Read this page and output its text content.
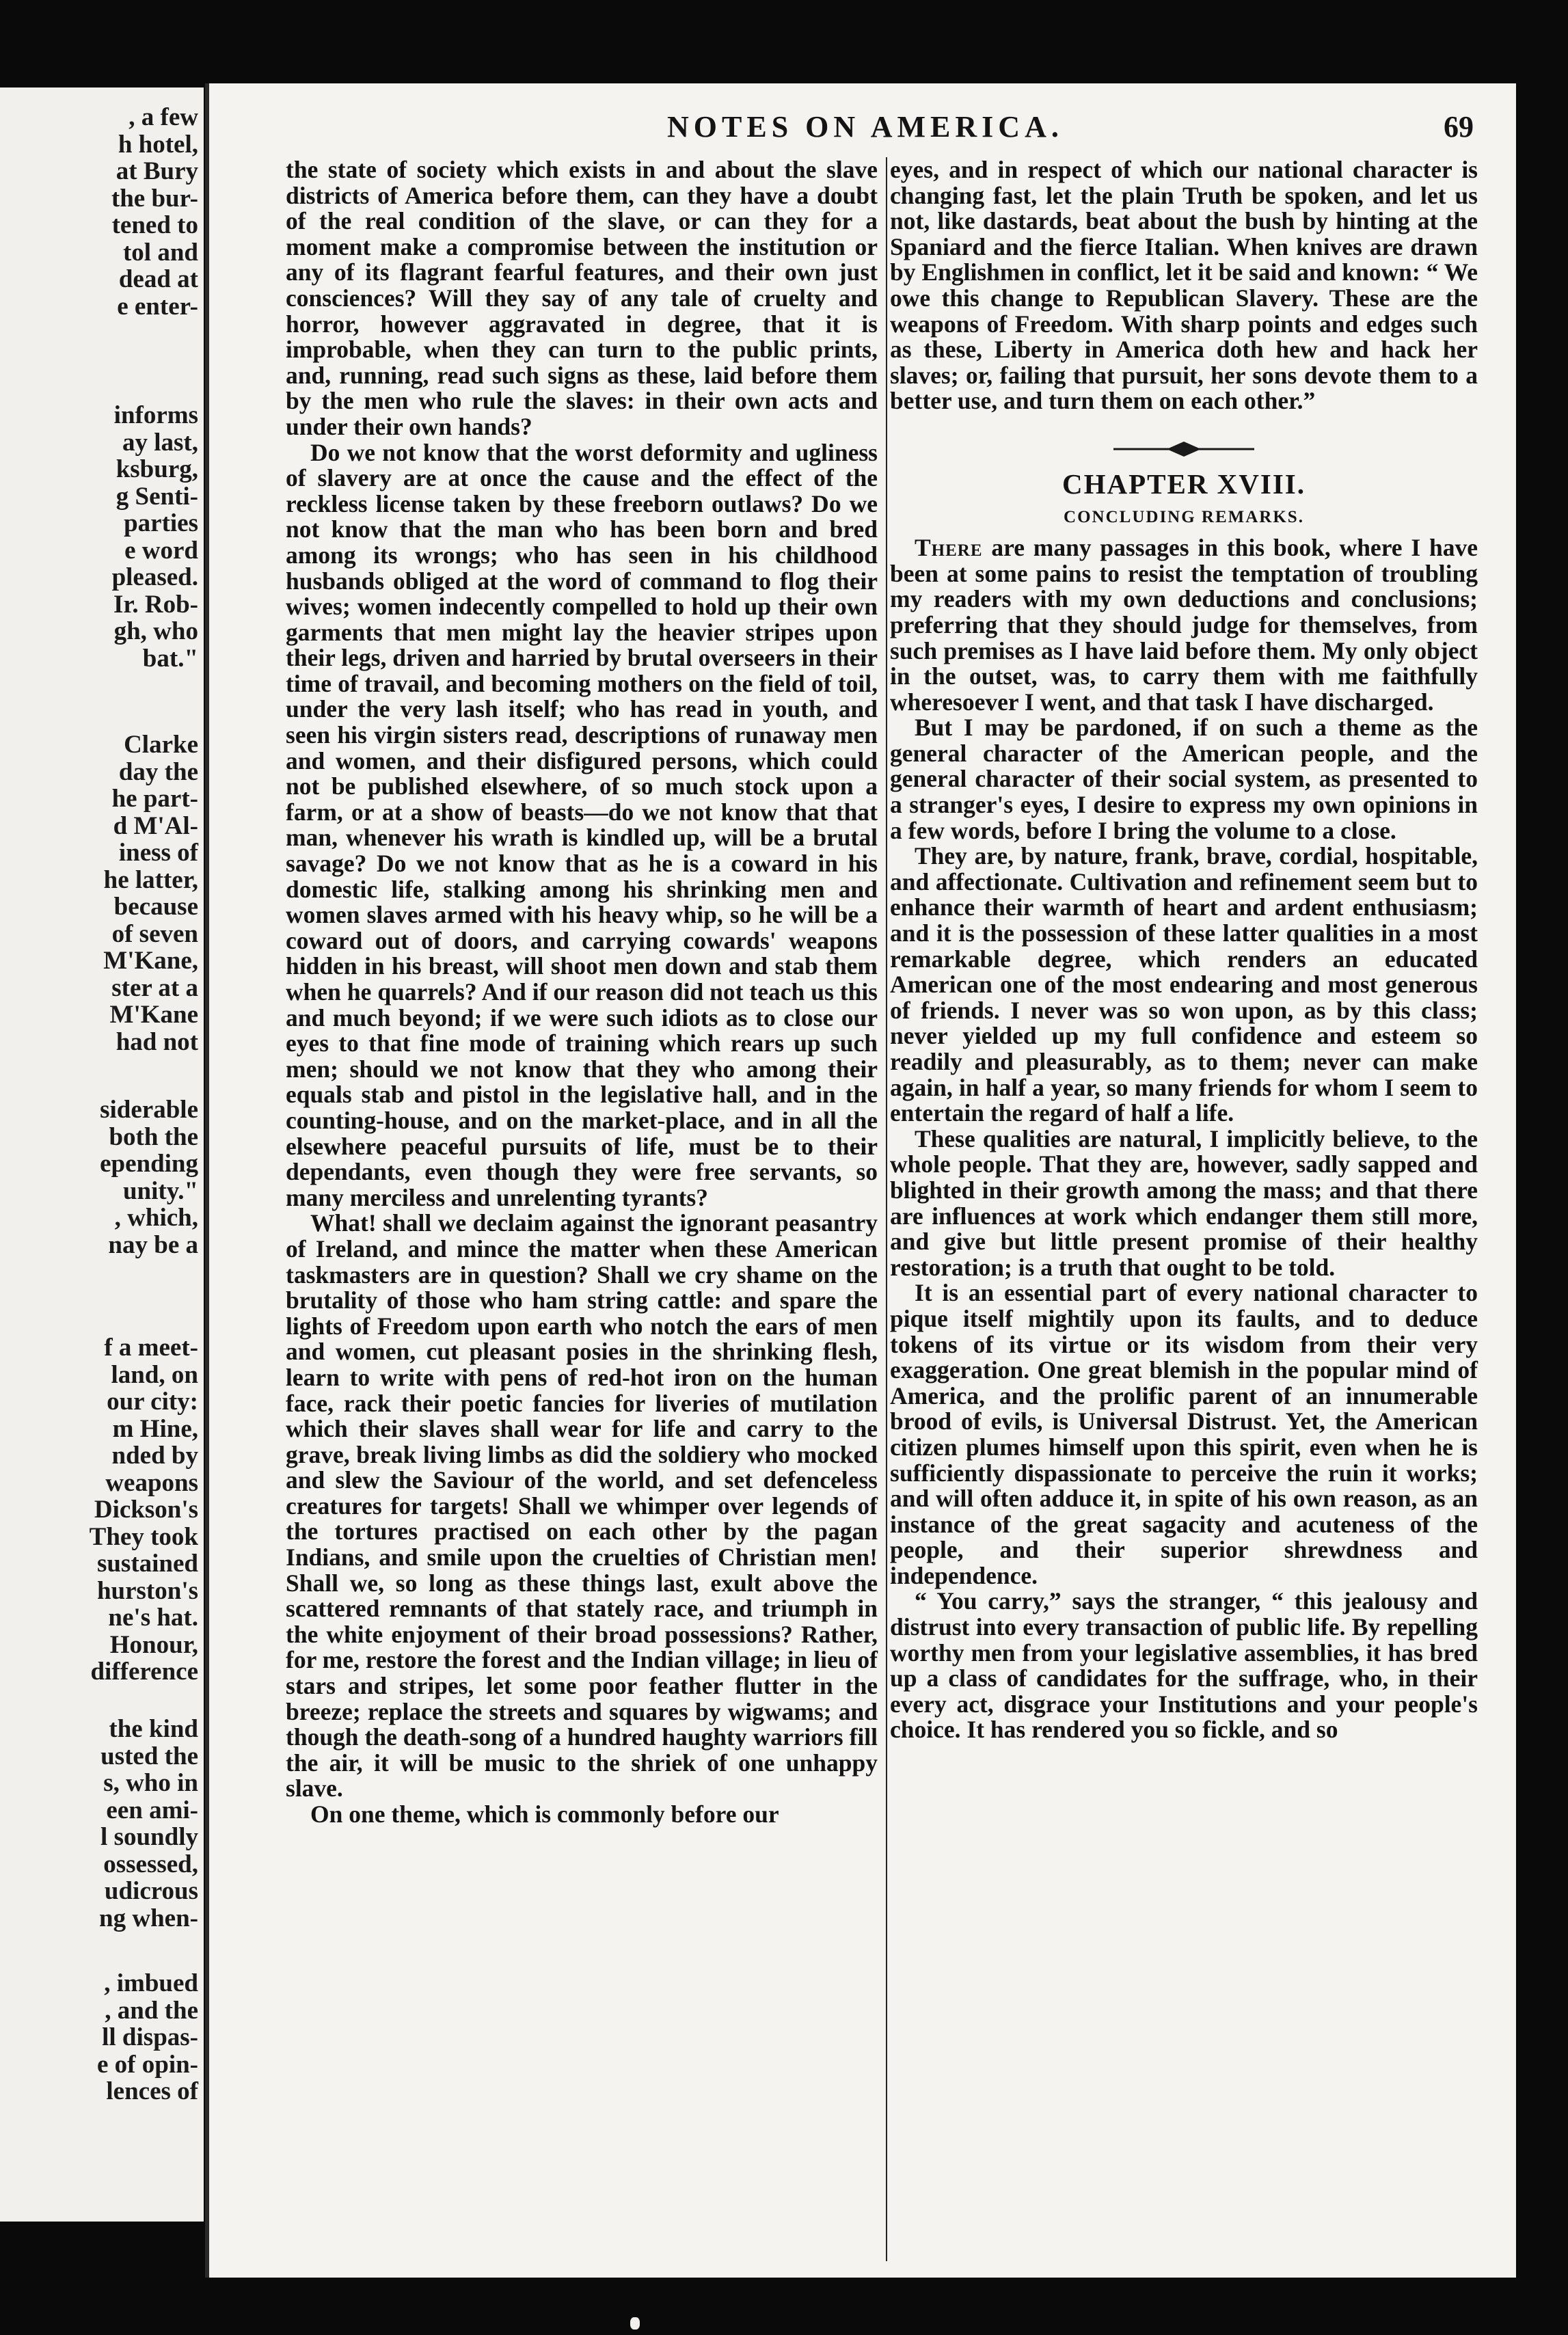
, a few

h hotel,

at Bury

the bur-

tened to

tol and

dead at

e enter-

informs

ay last,

ksburg,

g Senti-

parties

e word

pleased.

Ir. Rob-

gh, who

bat."

Clarke

day the

he part-

d M'Al-

iness of

he latter,

because

of seven

M'Kane,

ster at a

M'Kane

had not

siderable

both the

epending

unity."

, which,

nay be a

f a meet-

land, on

our city:

m Hine,

nded by

weapons

Dickson's

They took

sustained

hurston's

ne's hat.

Honour,

difference

the kind

usted the

s, who in

een ami-

l soundly

ossessed,

udicrous

ng when-

, imbued

, and the

ll dispas-

e of opin-

lences of

NOTES ON AMERICA.	69

the state of society which exists in and about the slave districts of America before them, can they have a doubt of the real condition of the slave, or can they for a moment make a compromise between the institution or any of its flagrant fearful features, and their own just consciences? Will they say of any tale of cruelty and horror, however aggravated in degree, that it is improbable, when they can turn to the public prints, and, running, read such signs as these, laid before them by the men who rule the slaves: in their own acts and under their own hands?

Do we not know that the worst deformity and ugliness of slavery are at once the cause and the effect of the reckless license taken by these freeborn outlaws? Do we not know that the man who has been born and bred among its wrongs; who has seen in his childhood husbands obliged at the word of command to flog their wives; women indecently compelled to hold up their own garments that men might lay the heavier stripes upon their legs, driven and harried by brutal overseers in their time of travail, and becoming mothers on the field of toil, under the very lash itself; who has read in youth, and seen his virgin sisters read, descriptions of runaway men and women, and their disfigured persons, which could not be published elsewhere, of so much stock upon a farm, or at a show of beasts—do we not know that that man, whenever his wrath is kindled up, will be a brutal savage? Do we not know that as he is a coward in his domestic life, stalking among his shrinking men and women slaves armed with his heavy whip, so he will be a coward out of doors, and carrying cowards' weapons hidden in his breast, will shoot men down and stab them when he quarrels? And if our reason did not teach us this and much beyond; if we were such idiots as to close our eyes to that fine mode of training which rears up such men; should we not know that they who among their equals stab and pistol in the legislative hall, and in the counting-house, and on the market-place, and in all the elsewhere peaceful pursuits of life, must be to their dependants, even though they were free servants, so many merciless and unrelenting tyrants?

What! shall we declaim against the ignorant peasantry of Ireland, and mince the matter when these American taskmasters are in question? Shall we cry shame on the brutality of those who ham string cattle: and spare the lights of Freedom upon earth who notch the ears of men and women, cut pleasant posies in the shrinking flesh, learn to write with pens of red-hot iron on the human face, rack their poetic fancies for liveries of mutilation which their slaves shall wear for life and carry to the grave, break living limbs as did the soldiery who mocked and slew the Saviour of the world, and set defenceless creatures for targets! Shall we whimper over legends of the tortures practised on each other by the pagan Indians, and smile upon the cruelties of Christian men! Shall we, so long as these things last, exult above the scattered remnants of that stately race, and triumph in the white enjoyment of their broad possessions? Rather, for me, restore the forest and the Indian village; in lieu of stars and stripes, let some poor feather flutter in the breeze; replace the streets and squares by wigwams; and though the death-song of a hundred haughty warriors fill the air, it will be music to the shriek of one unhappy slave.

On one theme, which is commonly before our

eyes, and in respect of which our national character is changing fast, let the plain Truth be spoken, and let us not, like dastards, beat about the bush by hinting at the Spaniard and the fierce Italian. When knives are drawn by Englishmen in conflict, let it be said and known: “ We owe this change to Republican Slavery. These are the weapons of Freedom. With sharp points and edges such as these, Liberty in America doth hew and hack her slaves; or, failing that pursuit, her sons devote them to a better use, and turn them on each other.”

CHAPTER XVIII.
CONCLUDING REMARKS.

There are many passages in this book, where I have been at some pains to resist the temptation of troubling my readers with my own deductions and conclusions; preferring that they should judge for themselves, from such premises as I have laid before them. My only object in the outset, was, to carry them with me faithfully wheresoever I went, and that task I have discharged.

But I may be pardoned, if on such a theme as the general character of the American people, and the general character of their social system, as presented to a stranger's eyes, I desire to express my own opinions in a few words, before I bring the volume to a close.

They are, by nature, frank, brave, cordial, hospitable, and affectionate. Cultivation and refinement seem but to enhance their warmth of heart and ardent enthusiasm; and it is the possession of these latter qualities in a most remarkable degree, which renders an educated American one of the most endearing and most generous of friends. I never was so won upon, as by this class; never yielded up my full confidence and esteem so readily and pleasurably, as to them; never can make again, in half a year, so many friends for whom I seem to entertain the regard of half a life.

These qualities are natural, I implicitly believe, to the whole people. That they are, however, sadly sapped and blighted in their growth among the mass; and that there are influences at work which endanger them still more, and give but little present promise of their healthy restoration; is a truth that ought to be told.

It is an essential part of every national character to pique itself mightily upon its faults, and to deduce tokens of its virtue or its wisdom from their very exaggeration. One great blemish in the popular mind of America, and the prolific parent of an innumerable brood of evils, is Universal Distrust. Yet, the American citizen plumes himself upon this spirit, even when he is sufficiently dispassionate to perceive the ruin it works; and will often adduce it, in spite of his own reason, as an instance of the great sagacity and acuteness of the people, and their superior shrewdness and independence.

“ You carry,” says the stranger, “ this jealousy and distrust into every transaction of public life. By repelling worthy men from your legislative assemblies, it has bred up a class of candidates for the suffrage, who, in their every act, disgrace your Institutions and your people's choice. It has rendered you so fickle, and so
